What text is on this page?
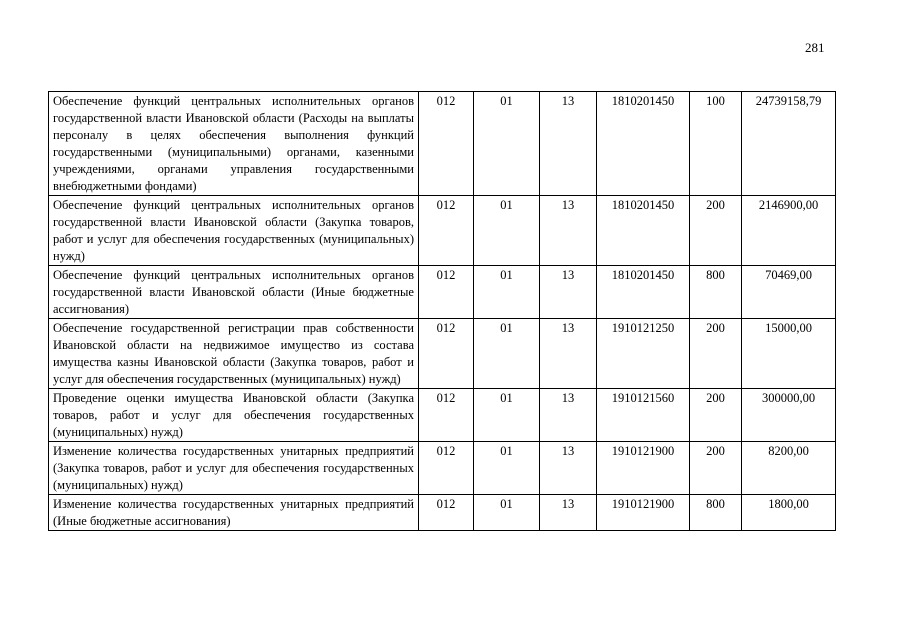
281
Обеспечение функций центральных исполнительных органов государственной власти Ивановской области (Расходы на выплаты персоналу в целях обеспечения выполнения функций государственными (муниципальными) органами, казенными учреждениями, органами управления государственными внебюджетными фондами)	012	01	13	1810201450	100	24739158,79
Обеспечение функций центральных исполнительных органов государственной власти Ивановской области (Закупка товаров, работ и услуг для обеспечения государственных (муниципальных) нужд)	012	01	13	1810201450	200	2146900,00
Обеспечение функций центральных исполнительных органов государственной власти Ивановской области (Иные бюджетные ассигнования)	012	01	13	1810201450	800	70469,00
Обеспечение государственной регистрации прав собственности Ивановской области на недвижимое имущество из состава имущества казны Ивановской области (Закупка товаров, работ и услуг для обеспечения государственных (муниципальных) нужд)	012	01	13	1910121250	200	15000,00
Проведение оценки имущества Ивановской области (Закупка товаров, работ и услуг для обеспечения государственных (муниципальных) нужд)	012	01	13	1910121560	200	300000,00
Изменение количества государственных унитарных предприятий (Закупка товаров, работ и услуг для обеспечения государственных (муниципальных) нужд)	012	01	13	1910121900	200	8200,00
Изменение количества государственных унитарных предприятий (Иные бюджетные ассигнования)	012	01	13	1910121900	800	1800,00
